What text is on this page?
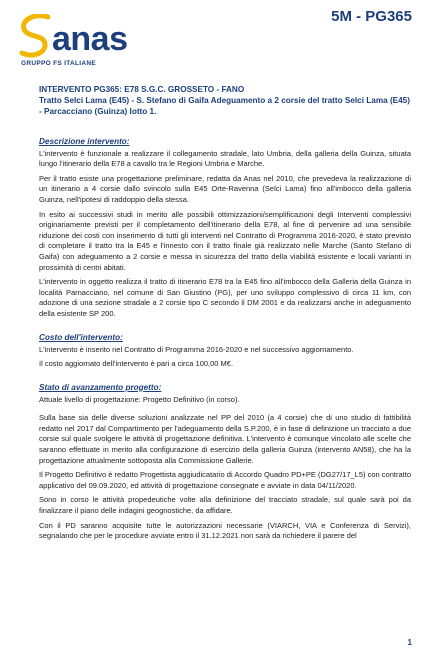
anas
GRUPPO FS ITALIANE
5M - PG365
INTERVENTO PG365: E78 S.G.C. GROSSETO - FANO
Tratto Selci Lama (E45) - S. Stefano di Gaifa Adeguamento a 2 corsie del tratto Selci Lama (E45) - Parcacciano (Guinza) lotto 1.
Descrizione intervento:

L'intervento è funzionale a realizzare il collegamento stradale, lato Umbria, della galleria della Guinza, situata lungo l'itinerario della E78 a cavallo tra le Regioni Umbria e Marche.

Per il tratto esiste una progettazione preliminare, redatta da Anas nel 2010, che prevedeva la realizzazione di un itinerario a 4 corsie dallo svincolo sulla E45 Orte-Ravenna (Selci Lama) fino all'imbocco della galleria Guinza, nell'ipotesi di raddoppio della stessa.

In esito ai successivi studi in merito alle possibili ottimizzazioni/semplificazioni degli Interventi complessivi originariamente previsti per il completamento dell'itinerario della E78, al fine di pervenire ad una sensibile riduzione dei costi con inserimento di tutti gli interventi nel Contratto di Programma 2016-2020, è stato previsto di completare il tratto tra la E45 e l'innesto con il tratto finale già realizzato nelle Marche (Santo Stefano di Gaifa) con adeguamento a 2 corsie e messa in sicurezza del tratto della viabilità esistente e locali varianti in prossimità di centri abitati.

L'intervento in oggetto realizza il tratto di itinerario E78 tra la E45 fino all'imbocco della Galleria della Guinza in località Parnacciano, nel comune di San Giustino (PG), per uno sviluppo complessivo di circa 11 km, con adozione di una sezione stradale a 2 corsie tipo C secondo il DM 2001 e da realizzarsi anche in adeguamento della esistente SP 200.

Costo dell'intervento:

L'intervento è inserito nel Contratto di Programma 2016-2020 e nel successivo aggiornamento.

Il costo aggiornato dell'intervento è pari a circa 100,00 M€.

Stato di avanzamento progetto:
Attuale livello di progettazione: Progetto Definitivo (in corso).

Sulla base sia delle diverse soluzioni analizzate nel PP del 2010 (a 4 corsie) che di uno studio di fattibilità redatto nel 2017 dal Compartimento per l'adeguamento della S.P.200, è in fase di definizione un tracciato a due corsie sul quale svolgere le attività di progettazione definitiva. L'intervento è comunque vincolato alle scelte che saranno effettuate in merito alla configurazione di esercizio della galleria Guinza (intervento AN58), che ha la progettazione attualmente sottoposta alla Commissione Gallerie.

Il Progetto Definitivo è redatto Progettista aggiudicatario di Accordo Quadro PD+PE (DG27/17_L5) con contratto applicativo del 09.09.2020, ed attività di progettazione consegnate e avviate in data 04/11/2020.

Sono in corso le attività propedeutiche volte alla definizione del tracciato stradale, sul quale sarà poi da finalizzare il piano delle indagini geognostiche, da affidare.

Con il PD saranno acquisite tutte le autorizzazioni necessarie (VIARCH, VIA e Conferenza di Servizi), segnalando che per le procedure avviate entro il 31.12.2021 non sarà da richiedere il parere del

1
